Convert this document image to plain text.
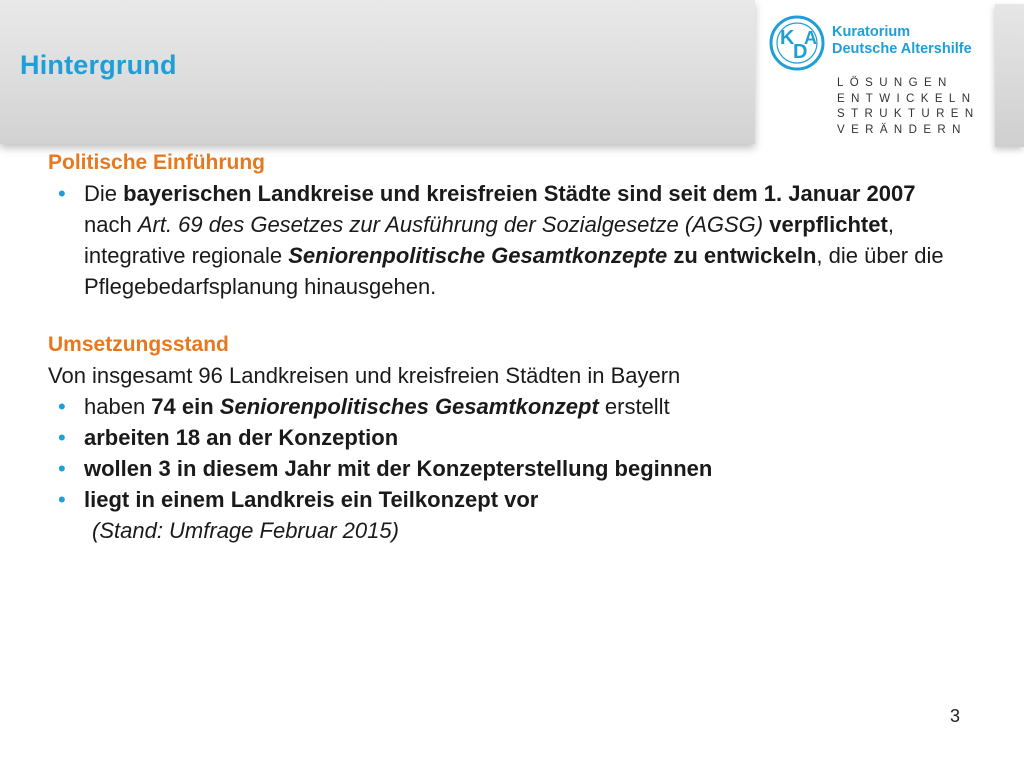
Hintergrund
K
D
A Kuratorium
Deutsche Altershilfe
LÖSUNGEN
ENTWICKELN
STRUKTUREN
VERÄNDERN
Politische Einführung
• Die bayerischen Landkreise und kreisfreien Städte sind seit dem 1. Januar 2007 nach Art. 69 des Gesetzes zur Ausführung der Sozialgesetze (AGSG) verpflichtet, integrative regionale Seniorenpolitische Gesamtkonzepte zu entwickeln, die über die Pflegebedarfsplanung hinausgehen.
Umsetzungsstand
Von insgesamt 96 Landkreisen und kreisfreien Städten in Bayern
• haben 74 ein Seniorenpolitisches Gesamtkonzept erstellt
• arbeiten 18 an der Konzeption
• wollen 3 in diesem Jahr mit der Konzepterstellung beginnen
• liegt in einem Landkreis ein Teilkonzept vor
(Stand: Umfrage Februar 2015)
3
